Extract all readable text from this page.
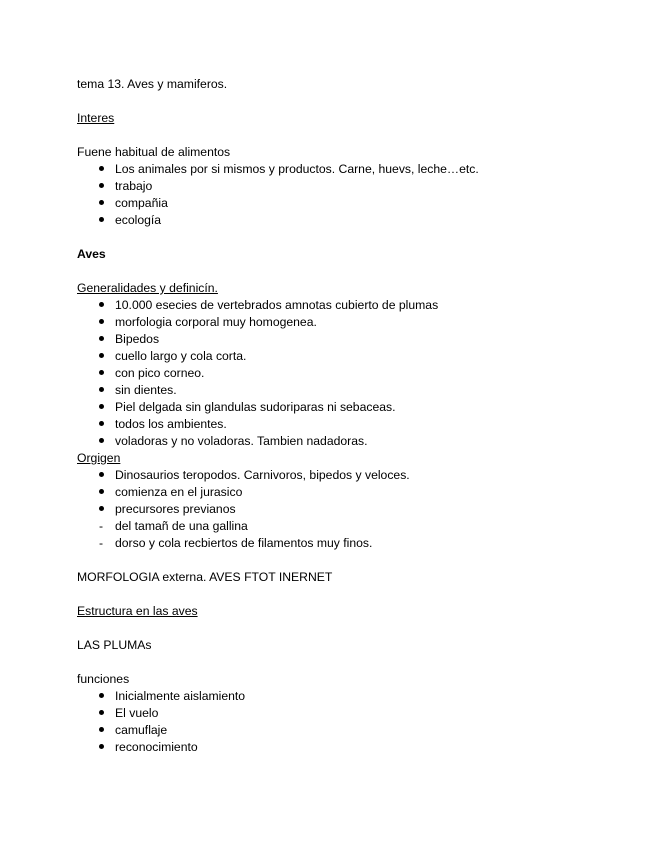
tema 13. Aves y mamiferos.
Interes
Fuene habitual de alimentos
Los animales por si mismos y productos. Carne, huevs, leche…etc.
trabajo
compañia
ecología
Aves
Generalidades y definicín.
10.000 esecies de vertebrados amnotas cubierto de plumas
morfologia corporal muy homogenea.
Bipedos
cuello largo y cola corta.
con pico corneo.
sin dientes.
Piel delgada sin glandulas sudoriparas ni sebaceas.
todos los ambientes.
voladoras y no voladoras. Tambien nadadoras.
Orgigen
Dinosaurios teropodos. Carnivoros, bipedos y veloces.
comienza en el jurasico
precursores previanos
-
del tamañ de una gallina
-
dorso y cola recbiertos de filamentos muy finos.
MORFOLOGIA externa. AVES FTOT INERNET
Estructura en las aves
LAS PLUMAs
funciones
Inicialmente aislamiento
El vuelo
camuflaje
reconocimiento
